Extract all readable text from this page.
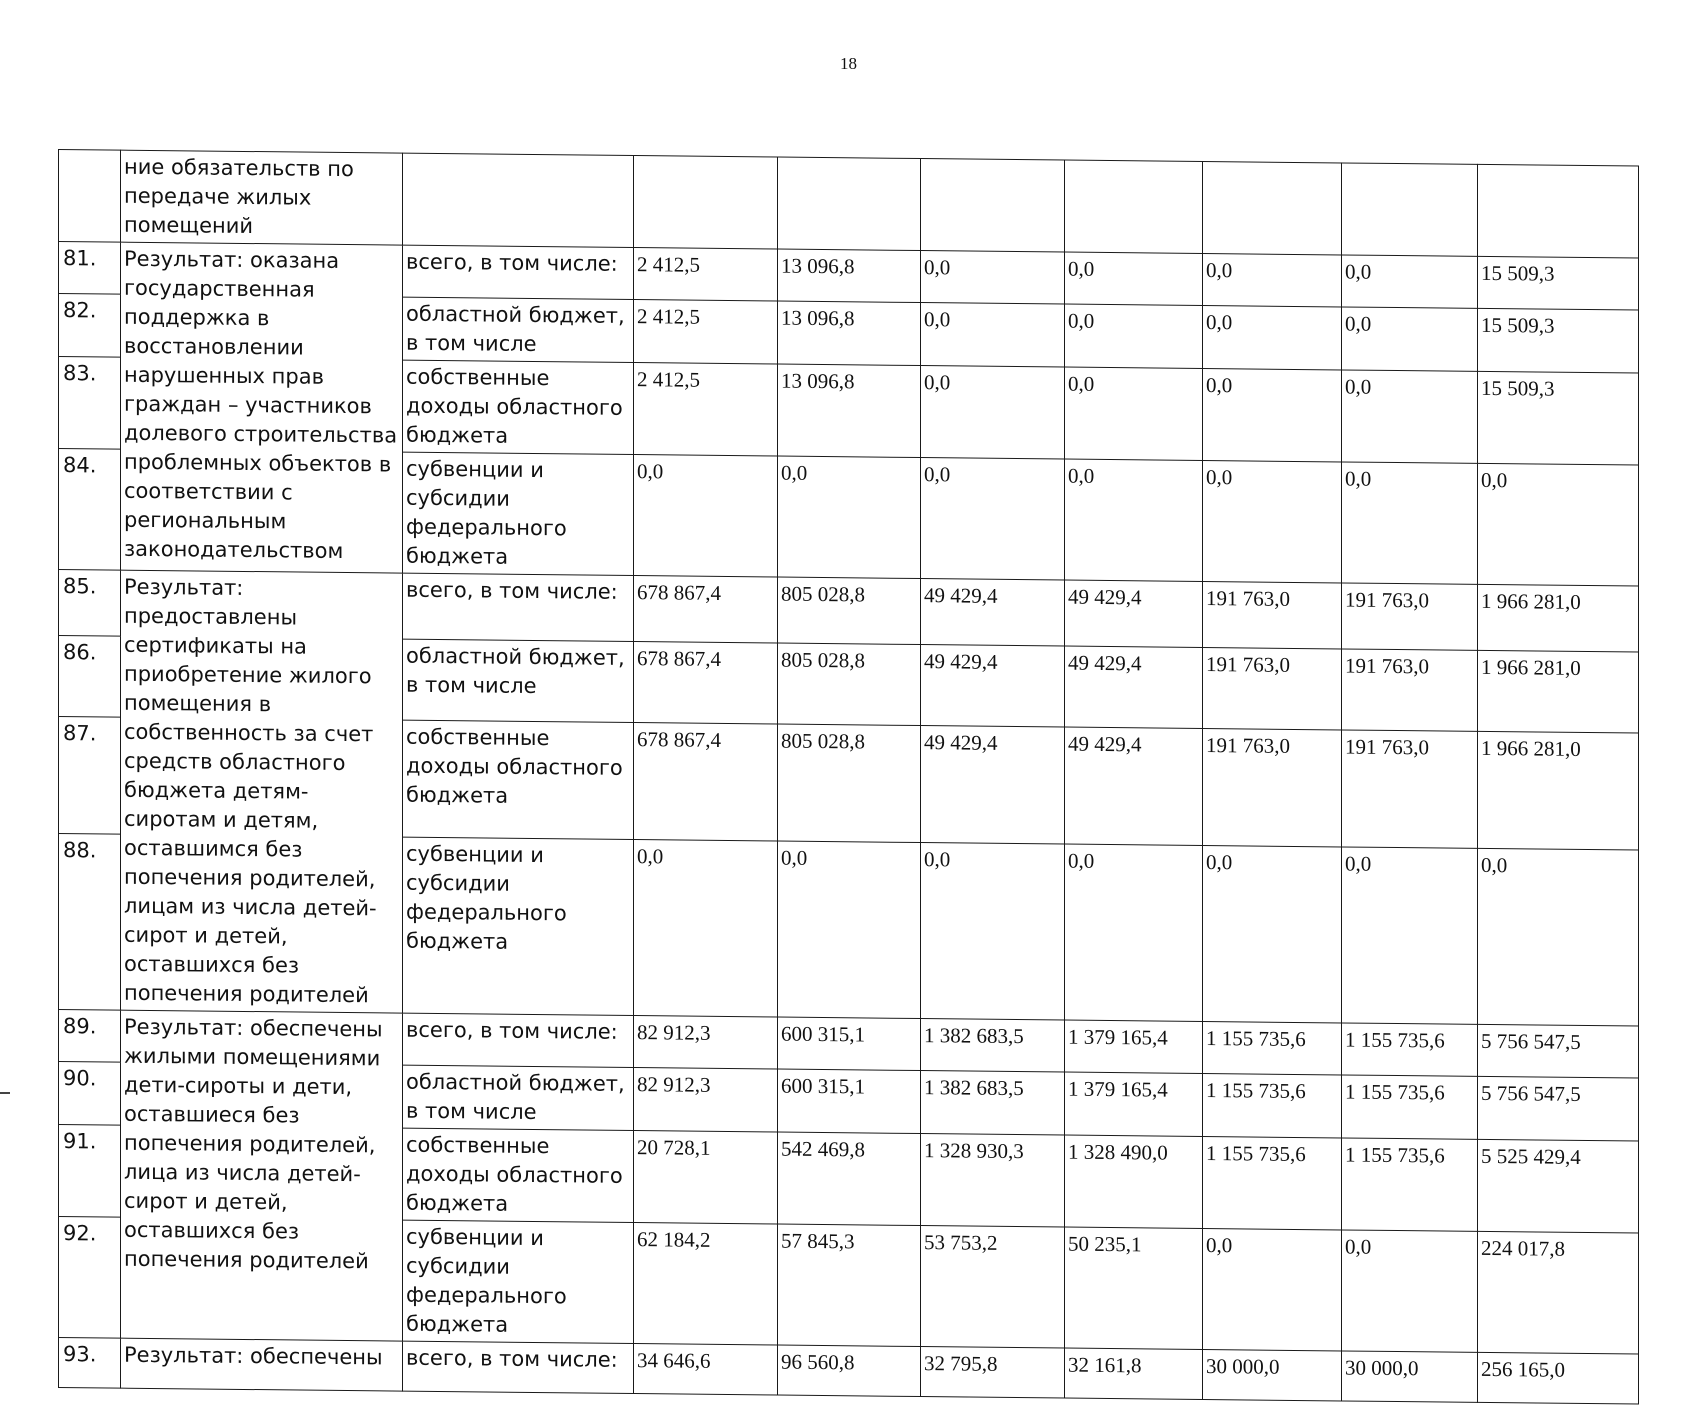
18
	ние обязательств по передаче жилых помещений								
81.	Результат: оказана государственная поддержка в восстановлении нарушенных прав граждан – участников долевого строительства проблемных объектов в соответствии с региональным законодательством	всего, в том числе:	2 412,5	13 096,8	0,0	0,0	0,0	0,0	15 509,3
82.		областной бюджет, в том числе	2 412,5	13 096,8	0,0	0,0	0,0	0,0	15 509,3
83.		собственные доходы областного бюджета	2 412,5	13 096,8	0,0	0,0	0,0	0,0	15 509,3
84.		субвенции и субсидии федерального бюджета	0,0	0,0	0,0	0,0	0,0	0,0	0,0
85.	Результат: предоставлены сертификаты на приобретение жилого помещения в собственность за счет средств областного бюджета детям-сиротам и детям, оставшимся без попечения родителей, лицам из числа детей-сирот и детей, оставшихся без попечения родителей	всего, в том числе:	678 867,4	805 028,8	49 429,4	49 429,4	191 763,0	191 763,0	1 966 281,0
86.		областной бюджет, в том числе	678 867,4	805 028,8	49 429,4	49 429,4	191 763,0	191 763,0	1 966 281,0
87.		собственные доходы областного бюджета	678 867,4	805 028,8	49 429,4	49 429,4	191 763,0	191 763,0	1 966 281,0
88.		субвенции и субсидии федерального бюджета	0,0	0,0	0,0	0,0	0,0	0,0	0,0
89.	Результат: обеспечены жилыми помещениями дети-сироты и дети, оставшиеся без попечения родителей, лица из числа детей-сирот и детей, оставшихся без попечения родителей	всего, в том числе:	82 912,3	600 315,1	1 382 683,5	1 379 165,4	1 155 735,6	1 155 735,6	5 756 547,5
90.		областной бюджет, в том числе	82 912,3	600 315,1	1 382 683,5	1 379 165,4	1 155 735,6	1 155 735,6	5 756 547,5
91.		собственные доходы областного бюджета	20 728,1	542 469,8	1 328 930,3	1 328 490,0	1 155 735,6	1 155 735,6	5 525 429,4
92.		субвенции и субсидии федерального бюджета	62 184,2	57 845,3	53 753,2	50 235,1	0,0	0,0	224 017,8
93.	Результат: обеспечены	всего, в том числе:	34 646,6	96 560,8	32 795,8	32 161,8	30 000,0	30 000,0	256 165,0
